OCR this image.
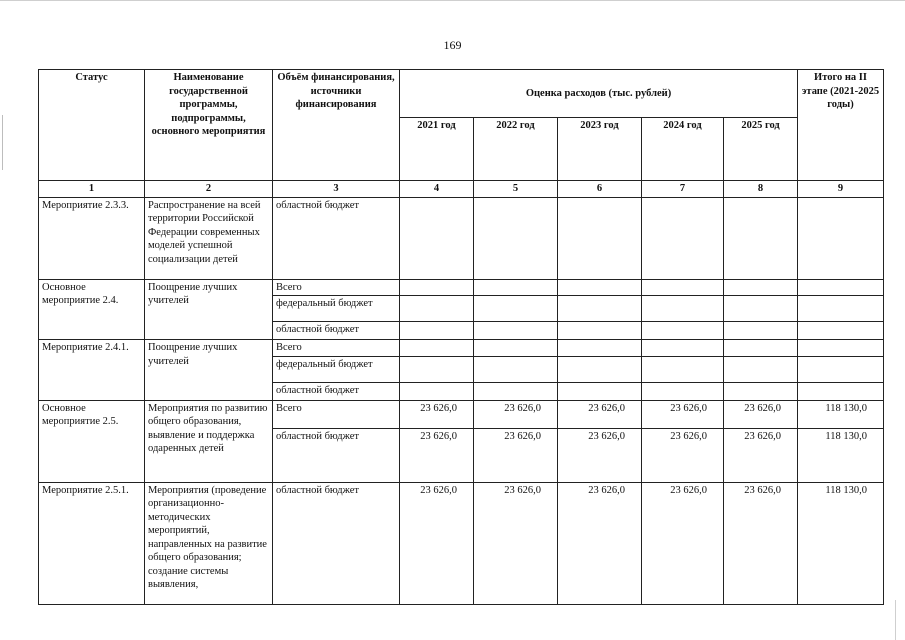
169
Статус	Наименование государственной программы, подпрограммы, основного мероприятия	Объём финансирования, источники финансирования	Оценка расходов (тыс. рублей)					Итого на II этапе (2021-2025 годы)
			2021 год	2022 год	2023 год	2024 год	2025 год	
1	2	3	4	5	6	7	8	9
Мероприятие 2.3.3.	Распространение на всей территории Российской Федерации современных моделей успешной социализации детей	областной бюджет						
Основное мероприятие 2.4.	Поощрение лучших учителей	Всего						
		федеральный бюджет						
		областной бюджет						
Мероприятие 2.4.1.	Поощрение лучших учителей	Всего						
		федеральный бюджет						
		областной бюджет						
Основное мероприятие 2.5.	Мероприятия по развитию общего образования, выявление и поддержка одаренных детей	Всего	23 626,0	23 626,0	23 626,0	23 626,0	23 626,0	118 130,0
		областной бюджет	23 626,0	23 626,0	23 626,0	23 626,0	23 626,0	118 130,0
Мероприятие 2.5.1.	Мероприятия (проведение организационно-методических мероприятий, направленных на развитие общего образования; создание системы выявления,	областной бюджет	23 626,0	23 626,0	23 626,0	23 626,0	23 626,0	118 130,0
